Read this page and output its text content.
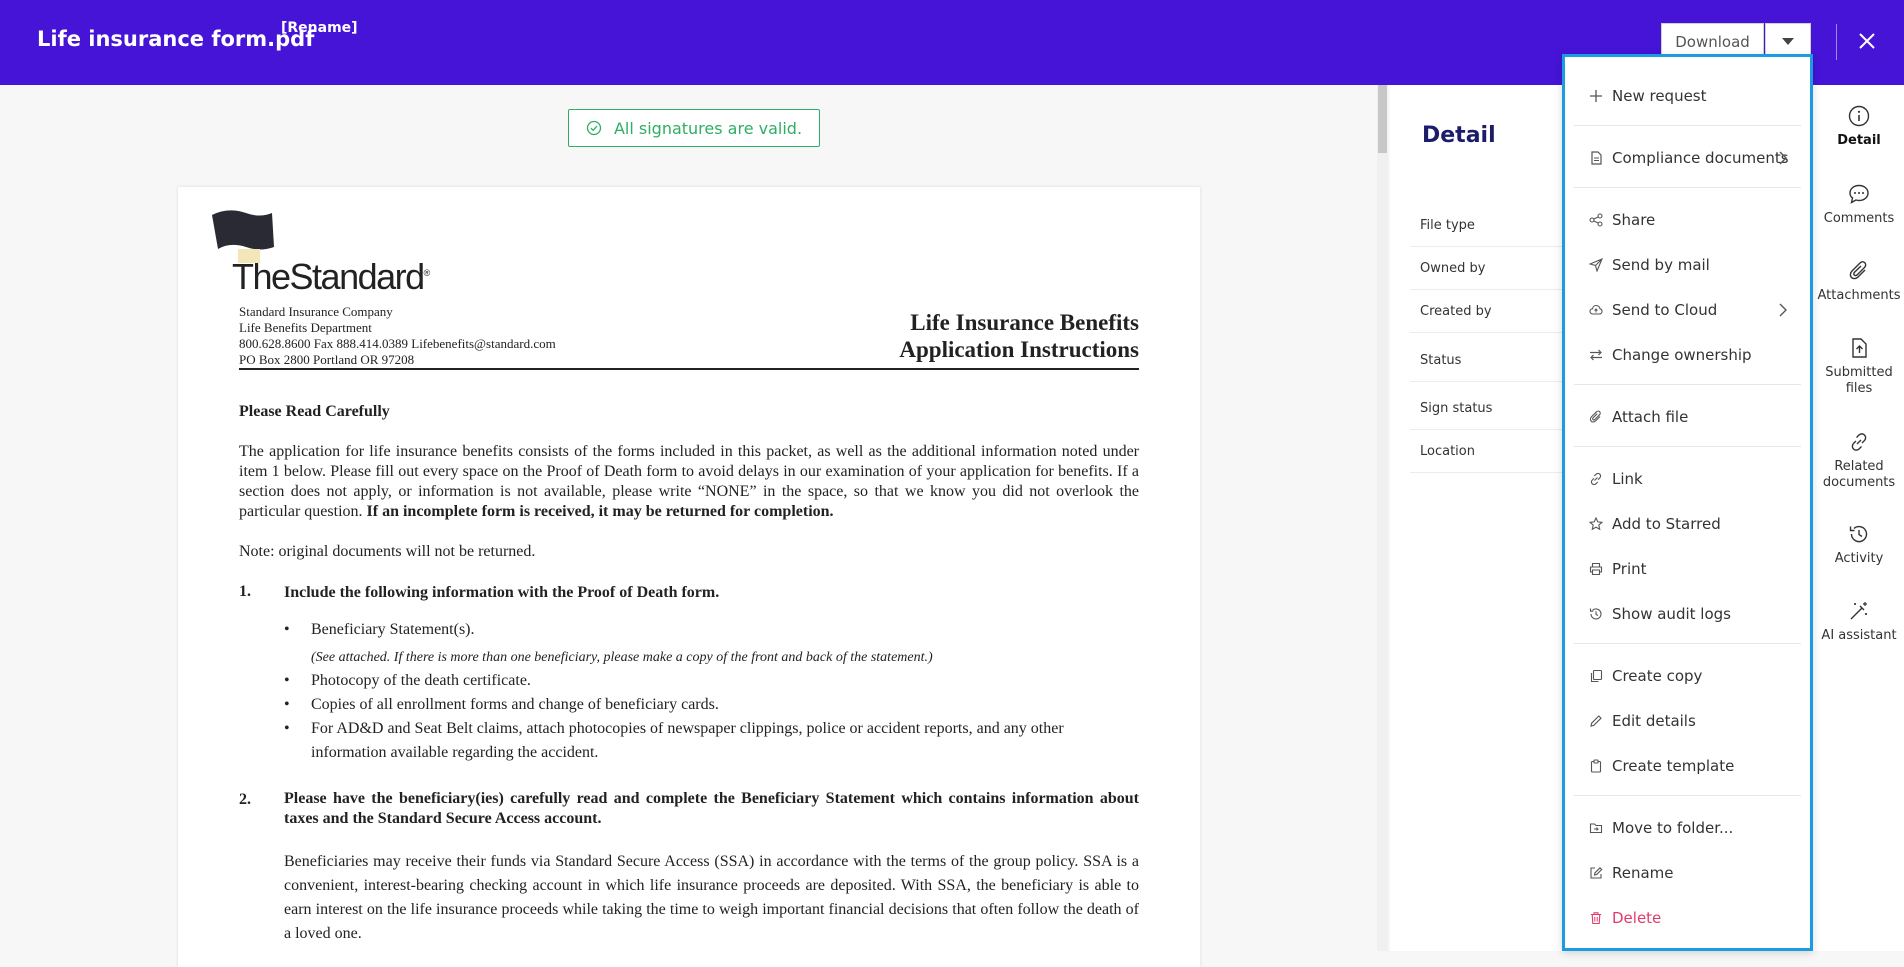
Life insurance form.pdf
[Rename]
Download
All signatures are valid.
TheStandard®
Standard Insurance Company
Life Benefits Department
800.628.8600 Fax 888.414.0389 Lifebenefits@standard.com
PO Box 2800 Portland OR 97208
Life Insurance Benefits
Application Instructions
Please Read Carefully
The application for life insurance benefits consists of the forms included in this packet, as well as the additional information noted under item 1 below. Please fill out every space on the Proof of Death form to avoid delays in our examination of your application for benefits. If a section does not apply, or information is not available, please write “NONE” in the space, so that we know you did not overlook the particular question. If an incomplete form is received, it may be returned for completion.
Note: original documents will not be returned.
1. Include the following information with the Proof of Death form.
• Beneficiary Statement(s).
(See attached. If there is more than one beneficiary, please make a copy of the front and back of the statement.)
• Photocopy of the death certificate.
• Copies of all enrollment forms and change of beneficiary cards.
• For AD&D and Seat Belt claims, attach photocopies of newspaper clippings, police or accident reports, and any other information available regarding the accident.
2. Please have the beneficiary(ies) carefully read and complete the Beneficiary Statement which contains information about taxes and the Standard Secure Access account.
Beneficiaries may receive their funds via Standard Secure Access (SSA) in accordance with the terms of the group policy. SSA is a convenient, interest-bearing checking account in which life insurance proceeds are deposited. With SSA, the beneficiary is able to earn interest on the life insurance proceeds while taking the time to weigh important financial decisions that often follow the death of a loved one.
Detail
File type
Owned by
Created by
Status
Sign status
Location
Detail
Comments
Attachments
Submitted files
Related documents
Activity
AI assistant
New request
Compliance documents
Share
Send by mail
Send to Cloud
Change ownership
Attach file
Link
Add to Starred
Print
Show audit logs
Create copy
Edit details
Create template
Move to folder...
Rename
Delete
